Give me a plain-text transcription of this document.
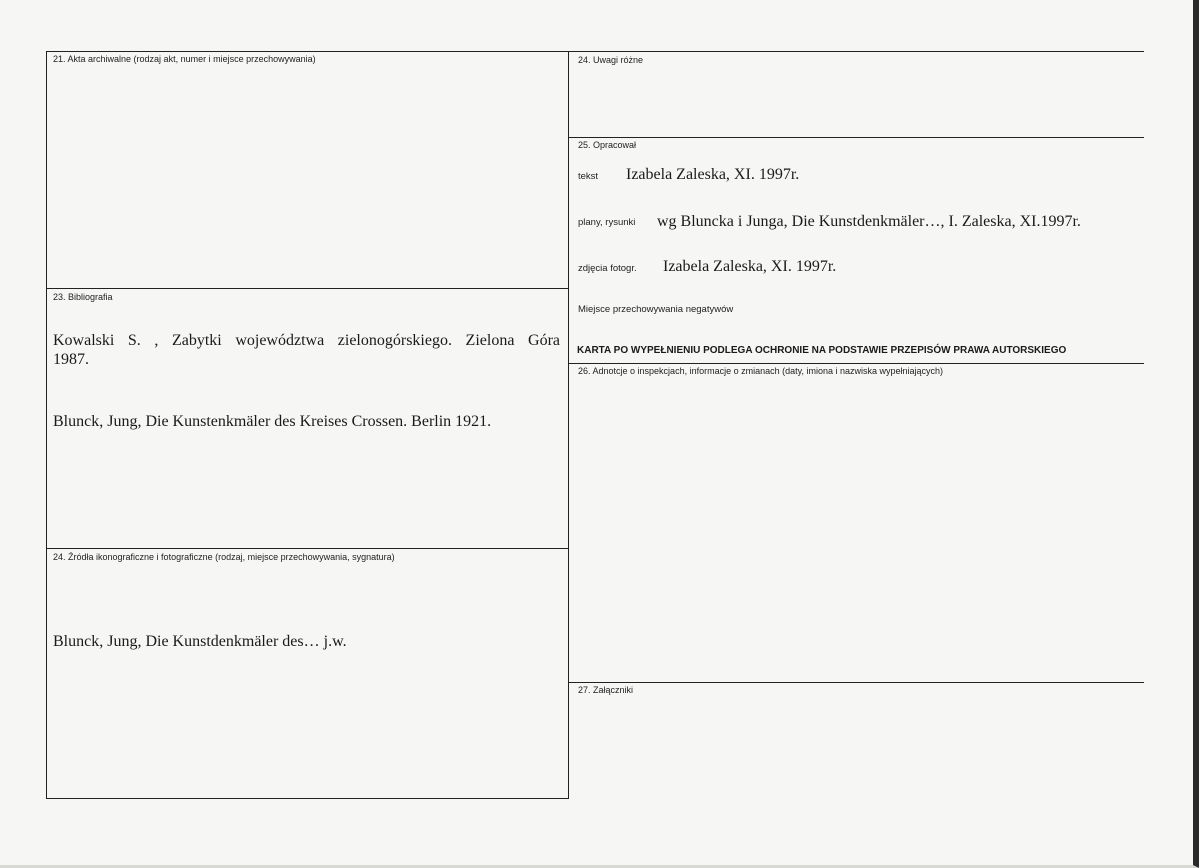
21. Akta archiwalne (rodzaj akt, numer i miejsce przechowywania)
23. Bibliografia
Kowalski S. , Zabytki województwa zielonogórskiego. Zielona Góra
1987.
Blunck, Jung, Die Kunstenkmäler des Kreises Crossen. Berlin 1921.
24. Źródła ikonograficzne i fotograficzne (rodzaj, miejsce przechowywania, sygnatura)
Blunck, Jung, Die Kunstdenkmäler des… j.w.
24. Uwagi różne
25. Opracował
tekst Izabela Zaleska, XI. 1997r.
plany, rysunki wg Bluncka i Junga, Die Kunstdenkmäler…, I. Zaleska, XI.1997r.
zdjęcia fotogr. Izabela Zaleska, XI. 1997r.
Miejsce przechowywania negatywów
KARTA PO WYPEŁNIENIU PODLEGA OCHRONIE NA PODSTAWIE PRZEPISÓW PRAWA AUTORSKIEGO
26. Adnotcje o inspekcjach, informacje o zmianach (daty, imiona i nazwiska wypełniających)
27. Załączniki
